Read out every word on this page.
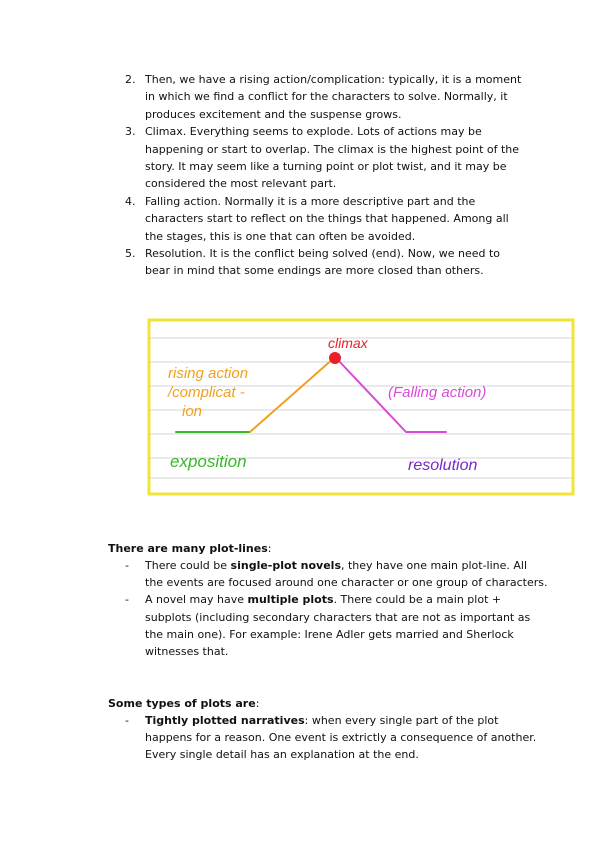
2. Then, we have a rising action/complication: typically, it is a moment in which we find a conflict for the characters to solve. Normally, it produces excitement and the suspense grows.
3. Climax. Everything seems to explode. Lots of actions may be happening or start to overlap. The climax is the highest point of the story. It may seem like a turning point or plot twist, and it may be considered the most relevant part.
4. Falling action. Normally it is a more descriptive part and the characters start to reflect on the things that happened. Among all the stages, this is one that can often be avoided.
5. Resolution. It is the conflict being solved (end). Now, we need to bear in mind that some endings are more closed than others.
climax
rising action
/complicat -
ion
(Falling action)
exposition	resolution
There are many plot-lines:
- There could be single-plot novels, they have one main plot-line. All the events are focused around one character or one group of characters.
- A novel may have multiple plots. There could be a main plot + subplots (including secondary characters that are not as important as the main one). For example: Irene Adler gets married and Sherlock witnesses that.
Some types of plots are:
- Tightly plotted narratives: when every single part of the plot happens for a reason. One event is extrictly a consequence of another. Every single detail has an explanation at the end.
